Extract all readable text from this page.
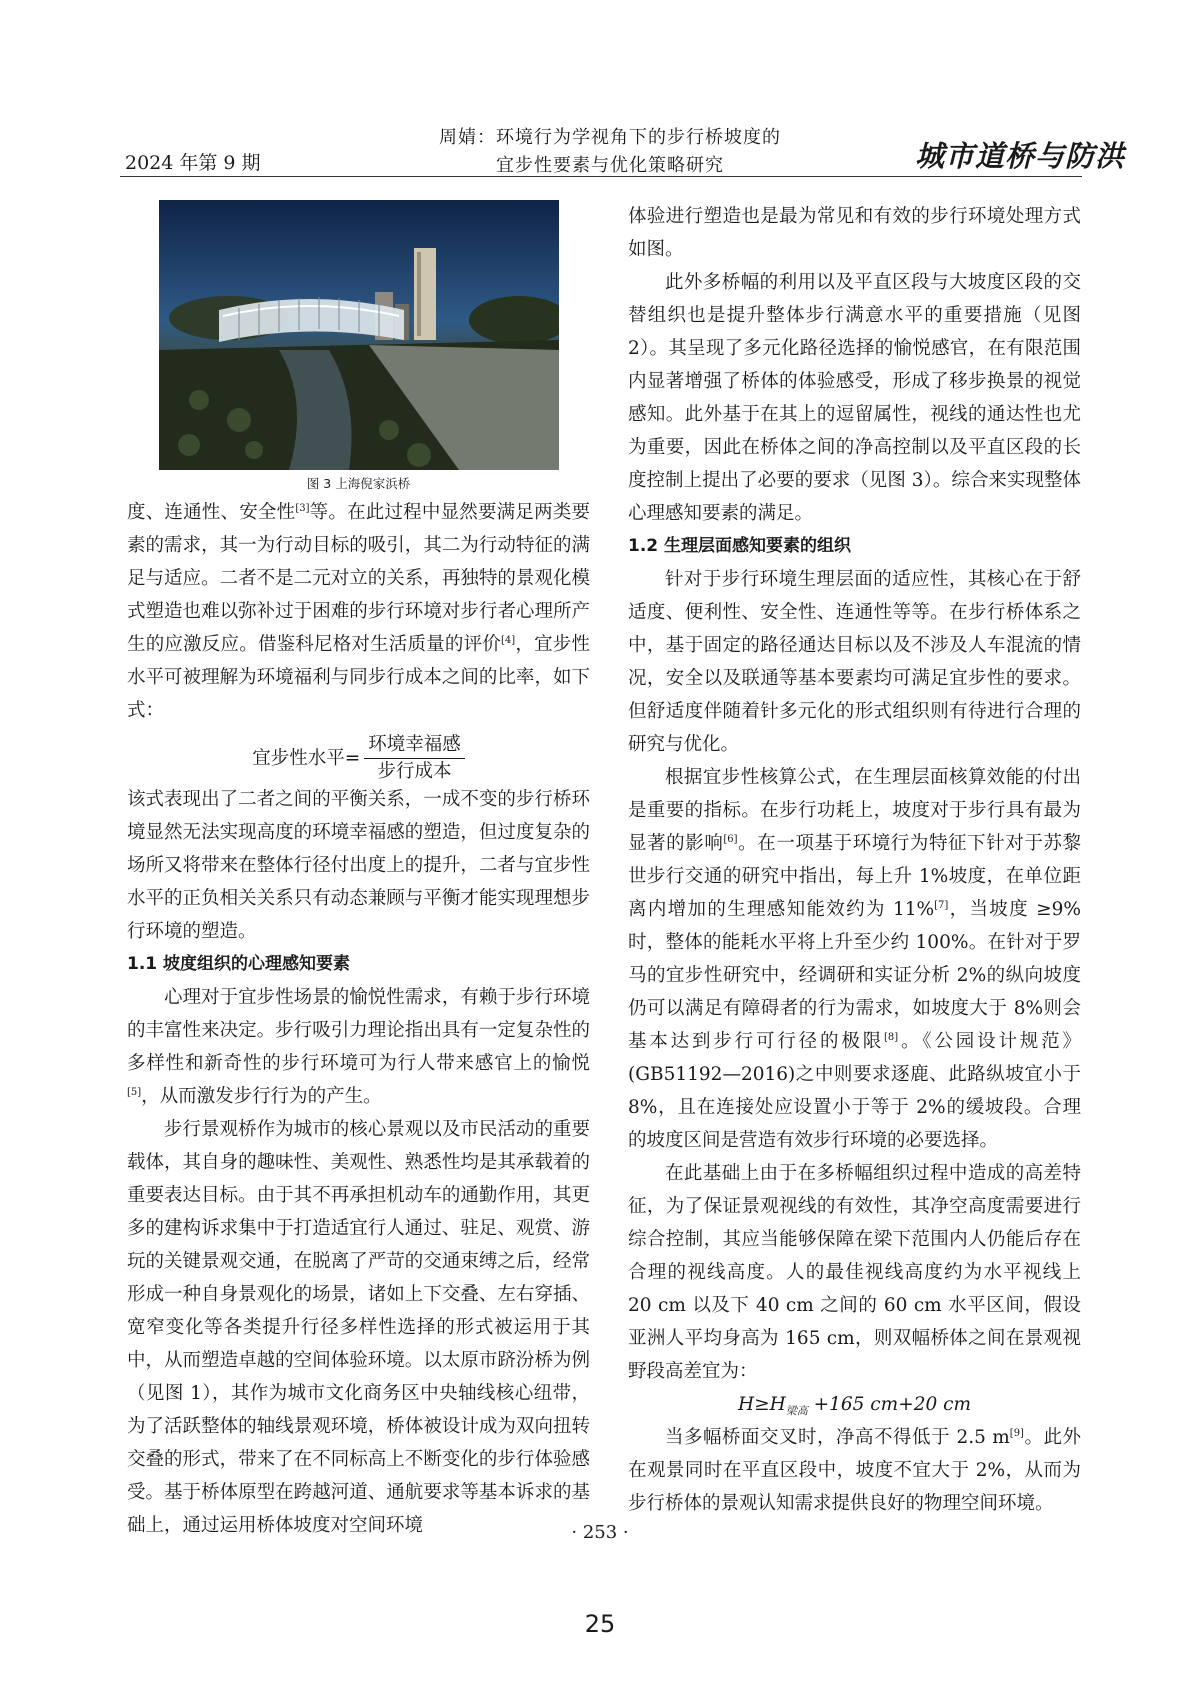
2024 年第 9 期
周婧：环境行为学视角下的步行桥坡度的
宜步性要素与优化策略研究	城市道桥与防洪
图 3 上海倪家浜桥

度、连通性、安全性[3]等。在此过程中显然要满足两类要素的需求，其一为行动目标的吸引，其二为行动特征的满足与适应。二者不是二元对立的关系，再独特的景观化模式塑造也难以弥补过于困难的步行环境对步行者心理所产生的应激反应。借鉴科尼格对生活质量的评价[4]，宜步性水平可被理解为环境福利与同步行成本之间的比率，如下式：

宜步性水平= $\frac{\text{环境幸福感}}{\text{步行成本}}$

该式表现出了二者之间的平衡关系，一成不变的步行桥环境显然无法实现高度的环境幸福感的塑造，但过度复杂的场所又将带来在整体行径付出度上的提升，二者与宜步性水平的正负相关关系只有动态兼顾与平衡才能实现理想步行环境的塑造。

1.1 坡度组织的心理感知要素

心理对于宜步性场景的愉悦性需求，有赖于步行环境的丰富性来决定。步行吸引力理论指出具有一定复杂性的多样性和新奇性的步行环境可为行人带来感官上的愉悦[5]，从而激发步行行为的产生。

步行景观桥作为城市的核心景观以及市民活动的重要载体，其自身的趣味性、美观性、熟悉性均是其承载着的重要表达目标。由于其不再承担机动车的通勤作用，其更多的建构诉求集中于打造适宜行人通过、驻足、观赏、游玩的关键景观交通，在脱离了严苛的交通束缚之后，经常形成一种自身景观化的场景，诸如上下交叠、左右穿插、宽窄变化等各类提升行径多样性选择的形式被运用于其中，从而塑造卓越的空间体验环境。以太原市跻汾桥为例（见图 1），其作为城市文化商务区中央轴线核心纽带，为了活跃整体的轴线景观环境，桥体被设计成为双向扭转交叠的形式，带来了在不同标高上不断变化的步行体验感受。基于桥体原型在跨越河道、通航要求等基本诉求的基础上，通过运用桥体坡度对空间环境

体验进行塑造也是最为常见和有效的步行环境处理方式如图。

此外多桥幅的利用以及平直区段与大坡度区段的交替组织也是提升整体步行满意水平的重要措施（见图 2）。其呈现了多元化路径选择的愉悦感官，在有限范围内显著增强了桥体的体验感受，形成了移步换景的视觉感知。此外基于在其上的逗留属性，视线的通达性也尤为重要，因此在桥体之间的净高控制以及平直区段的长度控制上提出了必要的要求（见图 3）。综合来实现整体心理感知要素的满足。

1.2 生理层面感知要素的组织

针对于步行环境生理层面的适应性，其核心在于舒适度、便利性、安全性、连通性等等。在步行桥体系之中，基于固定的路径通达目标以及不涉及人车混流的情况，安全以及联通等基本要素均可满足宜步性的要求。但舒适度伴随着针多元化的形式组织则有待进行合理的研究与优化。

根据宜步性核算公式，在生理层面核算效能的付出是重要的指标。在步行功耗上，坡度对于步行具有最为显著的影响[6]。在一项基于环境行为特征下针对于苏黎世步行交通的研究中指出，每上升 1%坡度，在单位距离内增加的生理感知能效约为 11%[7]，当坡度 ≥9% 时，整体的能耗水平将上升至少约 100%。在针对于罗马的宜步性研究中，经调研和实证分析 2%的纵向坡度仍可以满足有障碍者的行为需求，如坡度大于 8%则会基本达到步行可行径的极限[8]。《公园设计规范》(GB51192—2016)之中则要求逐鹿、此路纵坡宜小于 8%，且在连接处应设置小于等于 2%的缓坡段。合理的坡度区间是营造有效步行环境的必要选择。

在此基础上由于在多桥幅组织过程中造成的高差特征，为了保证景观视线的有效性，其净空高度需要进行综合控制，其应当能够保障在梁下范围内人仍能后存在合理的视线高度。人的最佳视线高度约为水平视线上 20 cm 以及下 40 cm 之间的 60 cm 水平区间，假设亚洲人平均身高为 165 cm，则双幅桥体之间在景观视野段高差宜为：

$H\ge H_{梁高} +165$ cm+20 cm

当多幅桥面交叉时，净高不得低于 2.5 m[9]。此外在观景同时在平直区段中，坡度不宜大于 2%，从而为步行桥体的景观认知需求提供良好的物理空间环境。

· 253 ·
25
